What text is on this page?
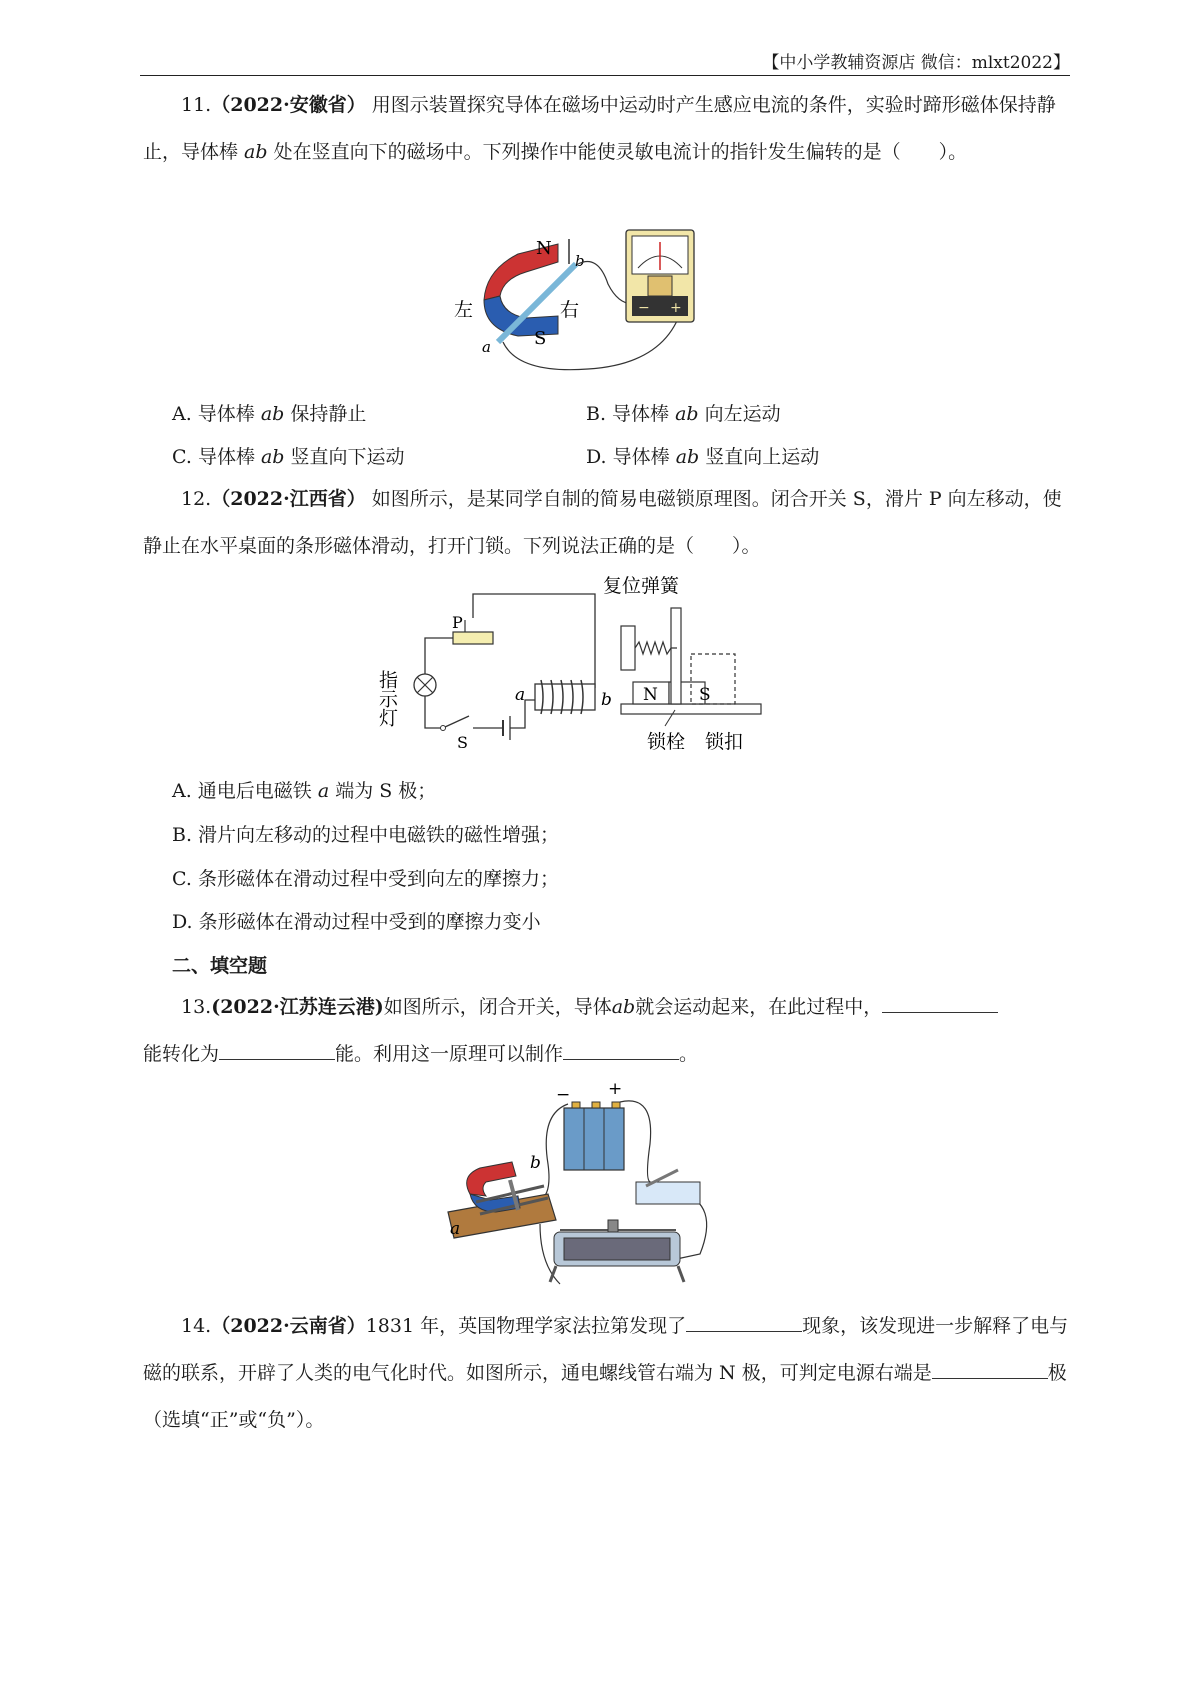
【中小学教辅资源店 微信：mlxt2022】
11.（2022·安徽省） 用图示装置探究导体在磁场中运动时产生感应电流的条件，实验时蹄形磁体保持静止，导体棒 ab 处在竖直向下的磁场中。下列操作中能使灵敏电流计的指针发生偏转的是（　　）。
N
S
左	右
a
b
− +
A. 导体棒 ab 保持静止	B. 导体棒 ab 向左运动
C. 导体棒 ab 竖直向下运动	D. 导体棒 ab 竖直向上运动
12.（2022·江西省） 如图所示，是某同学自制的简易电磁锁原理图。闭合开关 S，滑片 P 向左移动，使静止在水平桌面的条形磁体滑动，打开门锁。下列说法正确的是（　　）。
复位弹簧
P
指示灯
S
a	b N S
锁栓 锁扣
A. 通电后电磁铁 a 端为 S 极；
B. 滑片向左移动的过程中电磁铁的磁性增强；
C. 条形磁体在滑动过程中受到向左的摩擦力；
D. 条形磁体在滑动过程中受到的摩擦力变小
二、填空题
13.(2022·江苏连云港)如图所示，闭合开关，导体ab就会运动起来，在此过程中，
能转化为	能。利用这一原理可以制作	。
− +
b
a
14.（2022·云南省）1831 年，英国物理学家法拉第发现了	现象，该发现进一步解释了电与磁的联系，开辟了人类的电气化时代。如图所示，通电螺线管右端为 N 极，可判定电源右端是	极（选填“正”或“负”）。
